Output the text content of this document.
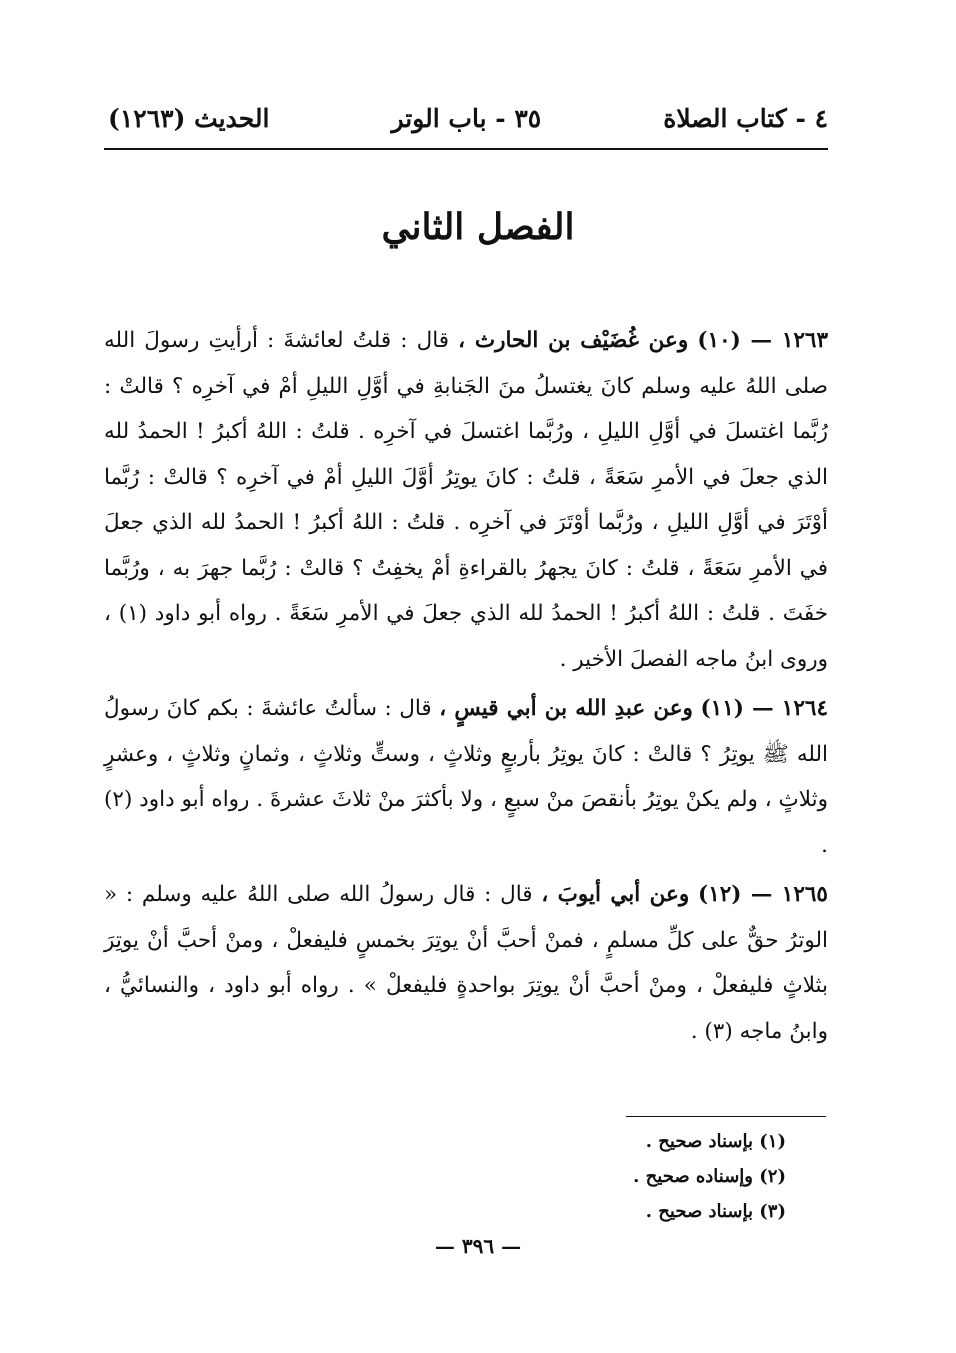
٤ - كتاب الصلاة
٣٥ - باب الوتر
الحديث (١٢٦٣)
الفصل الثاني

١٢٦٣ — (١٠) وعن غُضَيْف بن الحارث ، قال : قلتُ لعائشةَ : أرأيتِ رسولَ الله صلى اللهُ عليه وسلم كانَ يغتسلُ منَ الجَنابةِ في أوَّلِ الليلِ أمْ في آخرِه ؟ قالتْ : رُبَّما اغتسلَ في أوَّلِ الليلِ ، ورُبَّما اغتسلَ في آخرِه . قلتُ : اللهُ أكبرُ ! الحمدُ لله الذي جعلَ في الأمرِ سَعَةً ، قلتُ : كانَ يوتِرُ أوَّلَ الليلِ أمْ في آخرِه ؟ قالتْ : رُبَّما أوْتَرَ في أوَّلِ الليلِ ، ورُبَّما أوْتَرَ في آخرِه . قلتُ : اللهُ أكبرُ ! الحمدُ لله الذي جعلَ في الأمرِ سَعَةً ، قلتُ : كانَ يجهرُ بالقراءةِ أمْ يخفِتُ ؟ قالتْ : رُبَّما جهرَ به ، ورُبَّما خفَتَ . قلتُ : اللهُ أكبرُ ! الحمدُ لله الذي جعلَ في الأمرِ سَعَةً . رواه أبو داود (١) ، وروى ابنُ ماجه الفصلَ الأخير .

١٢٦٤ — (١١) وعن عبدِ الله بن أبي قيسٍ ، قال : سألتُ عائشةَ : بكم كانَ رسولُ الله ﷺ يوتِرُ ؟ قالتْ : كانَ يوتِرُ بأربعٍ وثلاثٍ ، وستٍّ وثلاثٍ ، وثمانٍ وثلاثٍ ، وعشرٍ وثلاثٍ ، ولم يكنْ يوتِرُ بأنقصَ منْ سبعٍ ، ولا بأكثرَ منْ ثلاثَ عشرةَ . رواه أبو داود (٢) .

١٢٦٥ — (١٢) وعن أبي أيوبَ ، قال : قال رسولُ الله صلى اللهُ عليه وسلم : « الوترُ حقٌّ على كلِّ مسلمٍ ، فمنْ أحبَّ أنْ يوتِرَ بخمسٍ فليفعلْ ، ومنْ أحبَّ أنْ يوتِرَ بثلاثٍ فليفعلْ ، ومنْ أحبَّ أنْ يوتِرَ بواحدةٍ فليفعلْ » . رواه أبو داود ، والنسائيُّ ، وابنُ ماجه (٣) .

(١) بإسناد صحيح .

(٢) وإسناده صحيح .

(٣) بإسناد صحيح .

— ٣٩٦ —
